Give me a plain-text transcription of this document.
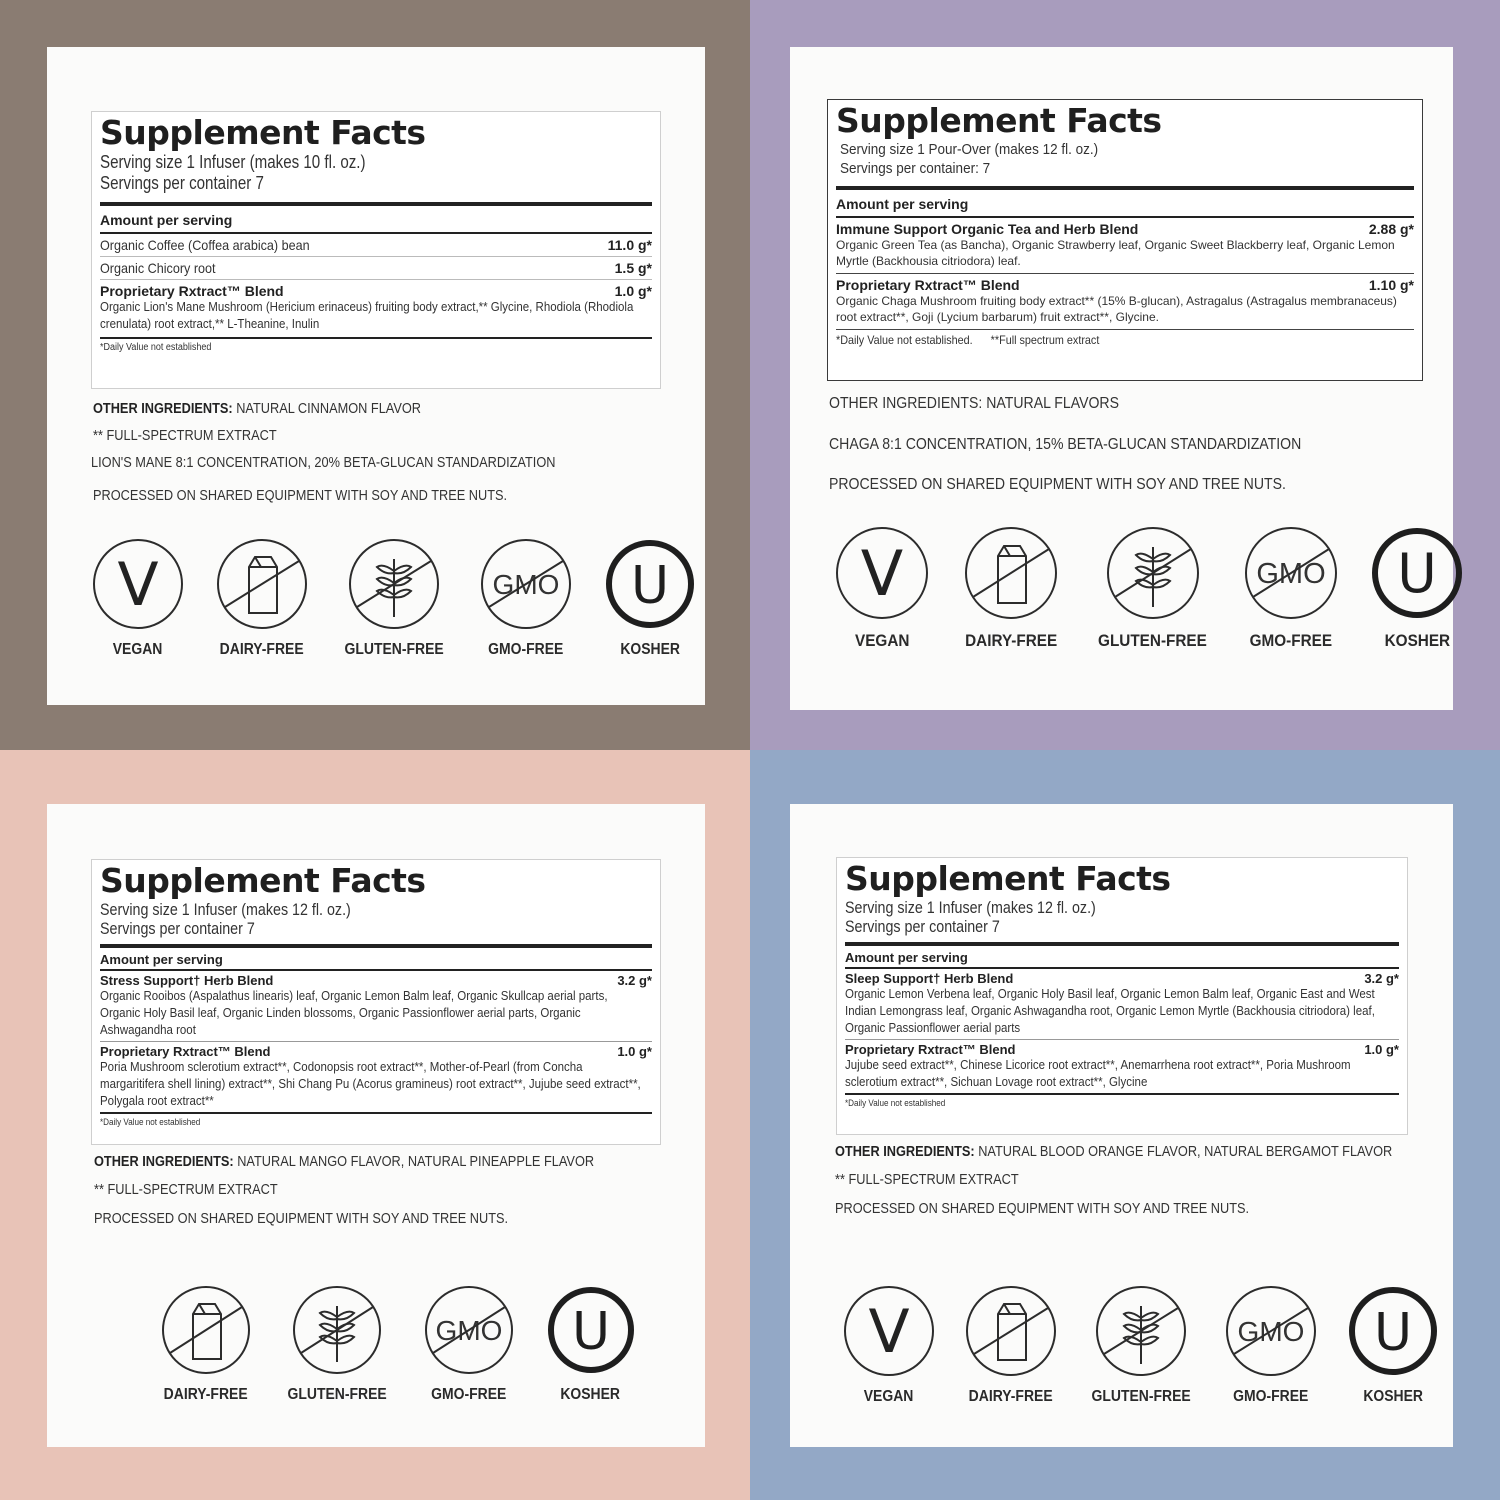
Supplement Facts
Serving size 1 Infuser (makes 10 fl. oz.)
Servings per container 7
Amount per serving
Organic Coffee (Coffea arabica) bean	11.0 g*
Organic Chicory root	1.5 g*
Proprietary Rxtract™ Blend	1.0 g*
Organic Lion's Mane Mushroom (Hericium erinaceus) fruiting body extract,** Glycine, Rhodiola (Rhodiola crenulata) root extract,** L-Theanine, Inulin
*Daily Value not established
OTHER INGREDIENTS: NATURAL CINNAMON FLAVOR
** FULL-SPECTRUM EXTRACT
LION'S MANE 8:1 CONCENTRATION, 20% BETA-GLUCAN STANDARDIZATION
PROCESSED ON SHARED EQUIPMENT WITH SOY AND TREE NUTS.
V
VEGAN	DAIRY-FREE	GLUTEN-FREE
GMO
GMO-FREE
U
KOSHER
Supplement Facts
Serving size 1 Pour-Over (makes 12 fl. oz.)
Servings per container: 7
Amount per serving
Immune Support Organic Tea and Herb Blend	2.88 g*
Organic Green Tea (as Bancha), Organic Strawberry leaf, Organic Sweet Blackberry leaf, Organic Lemon Myrtle (Backhousia citriodora) leaf.
Proprietary Rxtract™ Blend	1.10 g*
Organic Chaga Mushroom fruiting body extract** (15% B-glucan), Astragalus (Astragalus membranaceus) root extract**, Goji (Lycium barbarum) fruit extract**, Glycine.
*Daily Value not established.      **Full spectrum extract
OTHER INGREDIENTS: NATURAL FLAVORS
CHAGA 8:1 CONCENTRATION, 15% BETA-GLUCAN STANDARDIZATION
PROCESSED ON SHARED EQUIPMENT WITH SOY AND TREE NUTS.
V
VEGAN	DAIRY-FREE GLUTEN-FREE
GMO
GMO-FREE
U
KOSHER
Supplement Facts
Serving size 1 Infuser (makes 12 fl. oz.)
Servings per container 7
Amount per serving
Stress Support† Herb Blend	3.2 g*
Organic Rooibos (Aspalathus linearis) leaf, Organic Lemon Balm leaf, Organic Skullcap aerial parts, Organic Holy Basil leaf, Organic Linden blossoms, Organic Passionflower aerial parts, Organic Ashwagandha root
Proprietary Rxtract™ Blend	1.0 g*
Poria Mushroom sclerotium extract**, Codonopsis root extract**, Mother-of-Pearl (from Concha margaritifera shell lining) extract**, Shi Chang Pu (Acorus gramineus) root extract**, Jujube seed extract**, Polygala root extract**
*Daily Value not established
OTHER INGREDIENTS: NATURAL MANGO FLAVOR, NATURAL PINEAPPLE FLAVOR
** FULL-SPECTRUM EXTRACT
PROCESSED ON SHARED EQUIPMENT WITH SOY AND TREE NUTS.
DAIRY-FREE	GLUTEN-FREE
GMO
GMO-FREE
U
KOSHER
Supplement Facts
Serving size 1 Infuser (makes 12 fl. oz.)
Servings per container 7
Amount per serving
Sleep Support† Herb Blend	3.2 g*
Organic Lemon Verbena leaf, Organic Holy Basil leaf, Organic Lemon Balm leaf, Organic East and West Indian Lemongrass leaf, Organic Ashwagandha root, Organic Lemon Myrtle (Backhousia citriodora) leaf, Organic Passionflower aerial parts
Proprietary Rxtract™ Blend	1.0 g*
Jujube seed extract**, Chinese Licorice root extract**, Anemarrhena root extract**, Poria Mushroom sclerotium extract**, Sichuan Lovage root extract**, Glycine
*Daily Value not established
OTHER INGREDIENTS: NATURAL BLOOD ORANGE FLAVOR, NATURAL BERGAMOT FLAVOR
** FULL-SPECTRUM EXTRACT
PROCESSED ON SHARED EQUIPMENT WITH SOY AND TREE NUTS.
V
VEGAN	DAIRY-FREE GLUTEN-FREE
GMO
GMO-FREE
U
KOSHER
